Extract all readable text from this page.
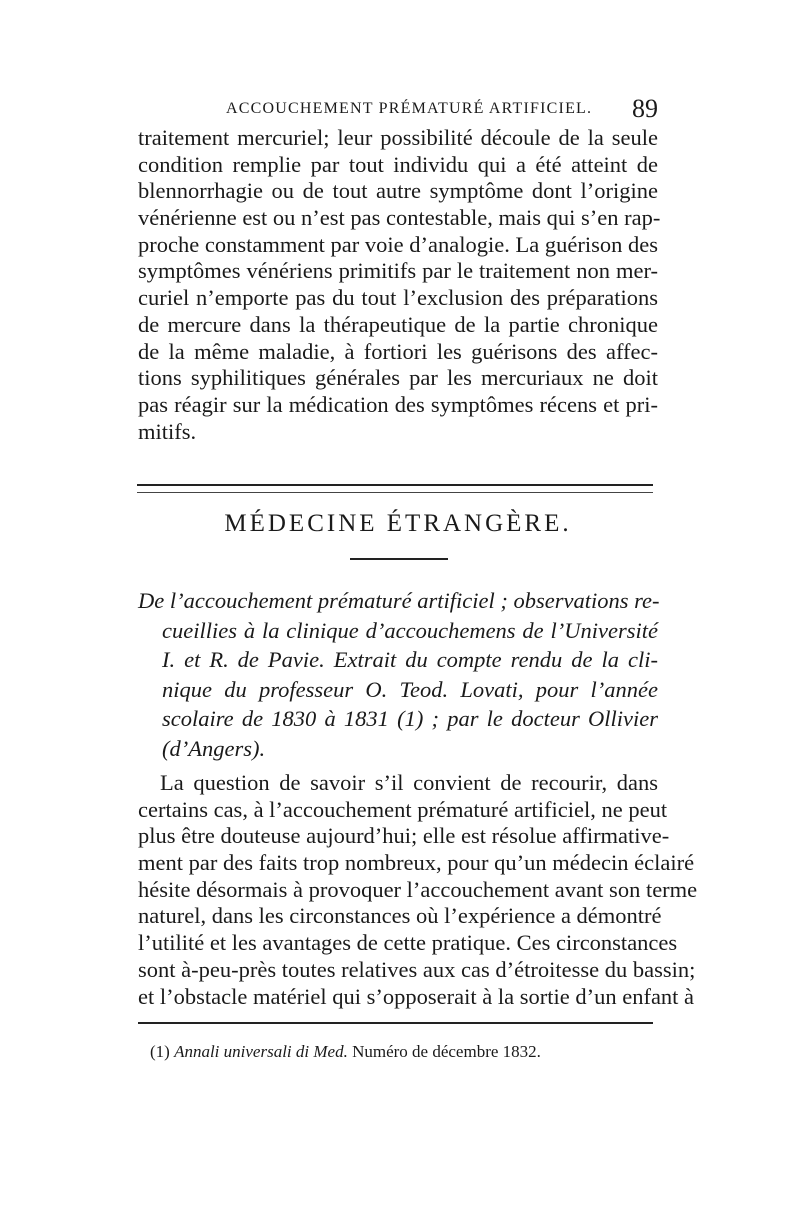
ACCOUCHEMENT PRÉMATURÉ ARTIFICIEL. 89
traitement mercuriel; leur possibilité découle de la seule
condition remplie par tout individu qui a été atteint de
blennorrhagie ou de tout autre symptôme dont l’origine
vénérienne est ou n’est pas contestable, mais qui s’en rap-
proche constamment par voie d’analogie. La guérison des
symptômes vénériens primitifs par le traitement non mer-
curiel n’emporte pas du tout l’exclusion des préparations
de mercure dans la thérapeutique de la partie chronique
de la même maladie, à fortiori les guérisons des affec-
tions syphilitiques générales par les mercuriaux ne doit
pas réagir sur la médication des symptômes récens et pri-
mitifs.
MÉDECINE ÉTRANGÈRE.
De l’accouchement prématuré artificiel ; observations re-
cueillies à la clinique d’accouchemens de l’Université
I. et R. de Pavie. Extrait du compte rendu de la cli-
nique du professeur O. Teod. Lovati, pour l’année
scolaire de 1830 à 1831 (1) ; par le docteur Ollivier
(d’Angers).
La question de savoir s’il convient de recourir, dans
certains cas, à l’accouchement prématuré artificiel, ne peut
plus être douteuse aujourd’hui; elle est résolue affirmative-
ment par des faits trop nombreux, pour qu’un médecin éclairé
hésite désormais à provoquer l’accouchement avant son terme
naturel, dans les circonstances où l’expérience a démontré
l’utilité et les avantages de cette pratique. Ces circonstances
sont à-peu-près toutes relatives aux cas d’étroitesse du bassin;
et l’obstacle matériel qui s’opposerait à la sortie d’un enfant à
(1) Annali universali di Med. Numéro de décembre 1832.
